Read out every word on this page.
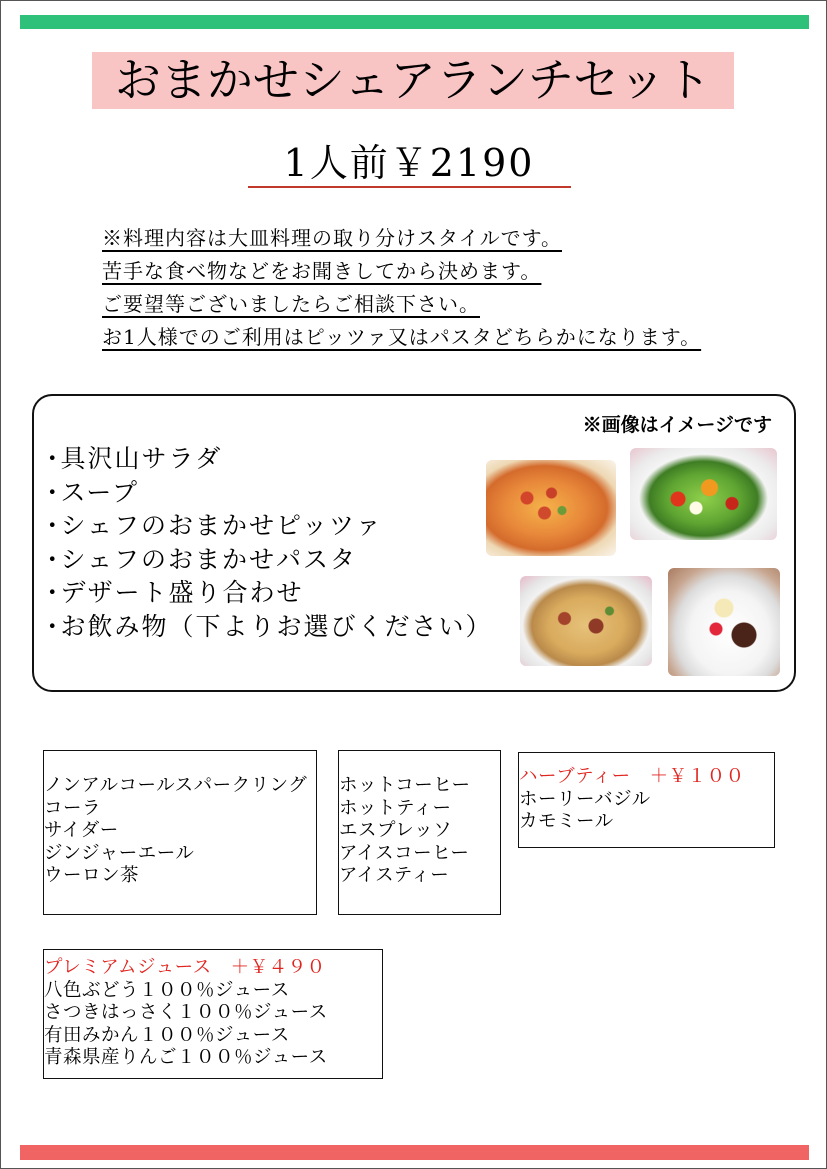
おまかせシェアランチセット
1人前￥2190
※料理内容は大皿料理の取り分けスタイルです。
苦手な食べ物などをお聞きしてから決めます。
ご要望等ございましたらご相談下さい。
お1人様でのご利用はピッツァ又はパスタどちらかになります。
※画像はイメージです
･具沢山サラダ
･スープ
･シェフのおまかせピッツァ
･シェフのおまかせパスタ
･デザート盛り合わせ
･お飲み物（下よりお選びください）
ノンアルコールスパークリング
コーラ
サイダー
ジンジャーエール
ウーロン茶
ホットコーヒー
ホットティー
エスプレッソ
アイスコーヒー
アイスティー
ハーブティー　＋￥１００
ホーリーバジル
カモミール
プレミアムジュース　＋￥４９０
八色ぶどう１００％ジュース
さつきはっさく１００％ジュース
有田みかん１００％ジュース
青森県産りんご１００％ジュース
